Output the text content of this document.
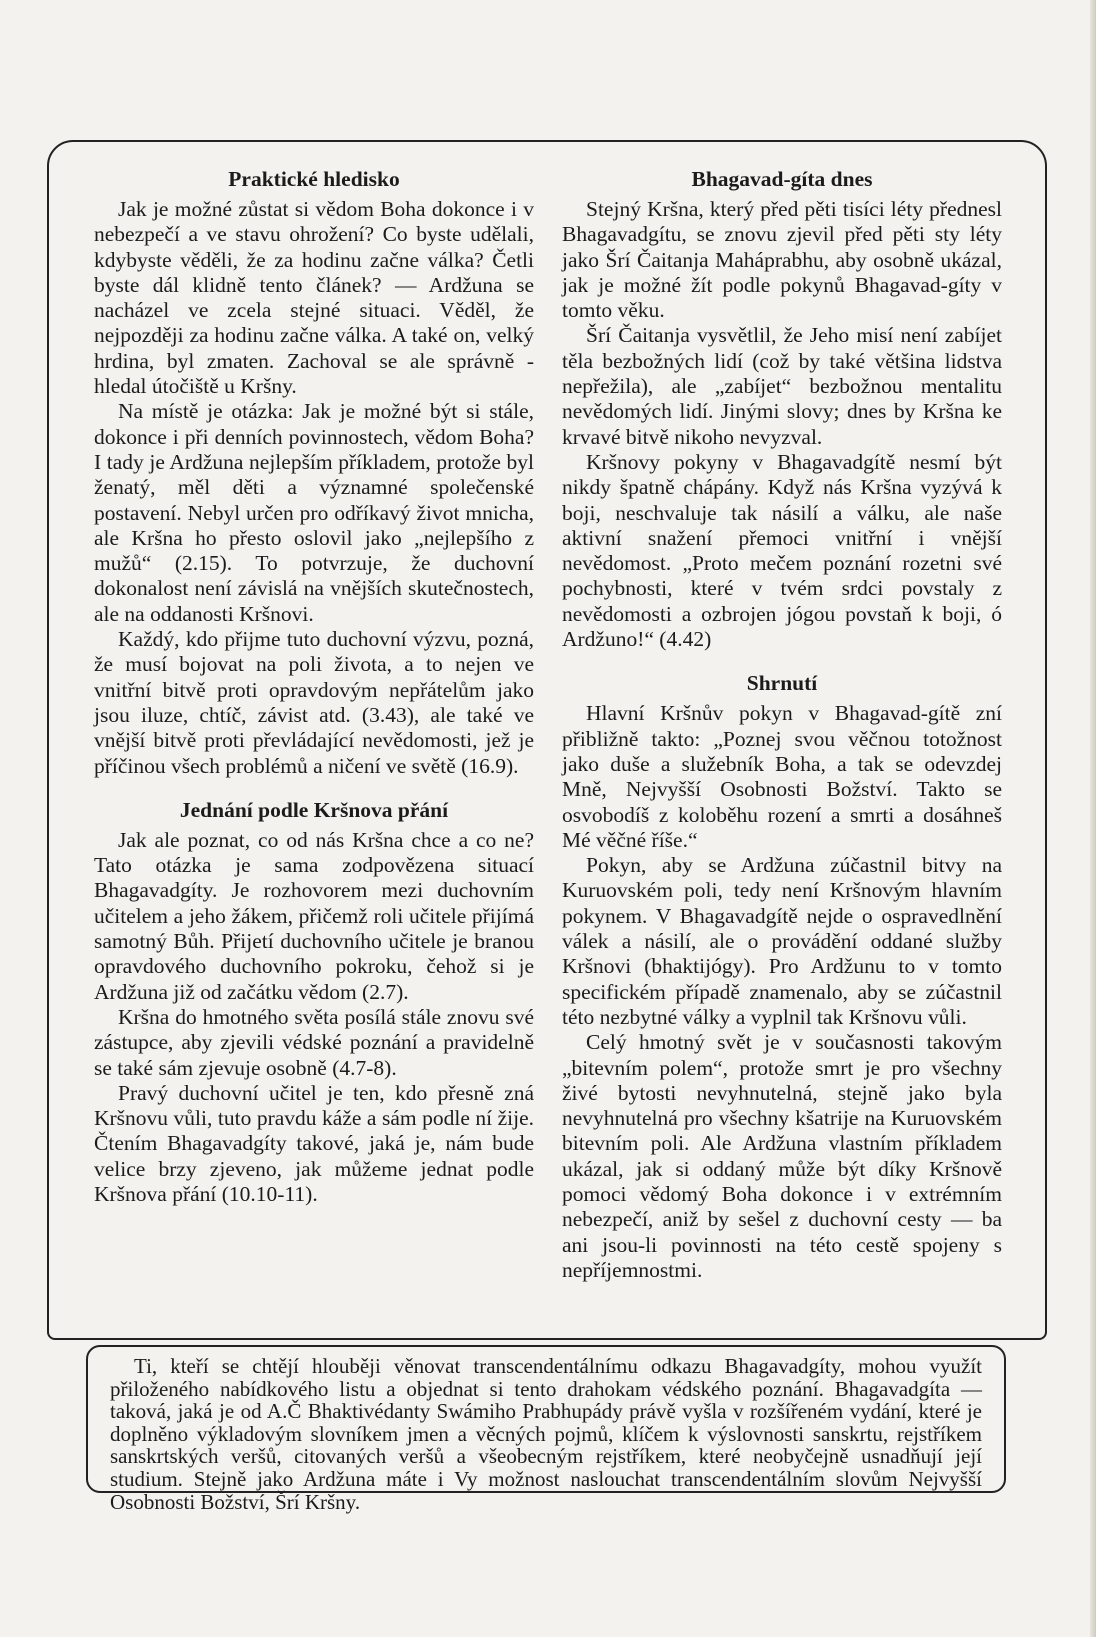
Praktické hledisko

Jak je možné zůstat si vědom Boha dokonce i v nebezpečí a ve stavu ohrožení? Co byste udělali, kdybyste věděli, že za hodinu začne válka? Četli byste dál klidně tento článek? — Ardžuna se nacházel ve zcela stejné situaci. Věděl, že nejpozději za hodinu začne válka. A také on, velký hrdina, byl zmaten. Zachoval se ale správně - hledal útočiště u Kršny.

Na místě je otázka: Jak je možné být si stále, dokonce i při denních povinnostech, vědom Boha? I tady je Ardžuna nejlepším příkladem, protože byl ženatý, měl děti a významné společenské postavení. Nebyl určen pro odříkavý život mnicha, ale Kršna ho přesto oslovil jako „nejlepšího z mužů“ (2.15). To potvrzuje, že duchovní dokonalost není závislá na vnějších skutečnostech, ale na oddanosti Kršnovi.

Každý, kdo přijme tuto duchovní výzvu, pozná, že musí bojovat na poli života, a to nejen ve vnitřní bitvě proti opravdovým nepřátelům jako jsou iluze, chtíč, závist atd. (3.43), ale také ve vnější bitvě proti převládající nevědomosti, jež je příčinou všech problémů a ničení ve světě (16.9).

Jednání podle Kršnova přání

Jak ale poznat, co od nás Kršna chce a co ne? Tato otázka je sama zodpovězena situací Bhagavadgíty. Je rozhovorem mezi duchovním učitelem a jeho žákem, přičemž roli učitele přijímá samotný Bůh. Přijetí duchovního učitele je branou opravdového duchovního pokroku, čehož si je Ardžuna již od začátku vědom (2.7).

Kršna do hmotného světa posílá stále znovu své zástupce, aby zjevili védské poznání a pravidelně se také sám zjevuje osobně (4.7-8).

Pravý duchovní učitel je ten, kdo přesně zná Kršnovu vůli, tuto pravdu káže a sám podle ní žije. Čtením Bhagavadgíty takové, jaká je, nám bude velice brzy zjeveno, jak můžeme jednat podle Kršnova přání (10.10-11).

Bhagavad-gíta dnes

Stejný Kršna, který před pěti tisíci léty přednesl Bhagavadgítu, se znovu zjevil před pěti sty léty jako Šrí Čaitanja Maháprabhu, aby osobně ukázal, jak je možné žít podle pokynů Bhagavad-gíty v tomto věku.

Šrí Čaitanja vysvětlil, že Jeho misí není zabíjet těla bezbožných lidí (což by také většina lidstva nepřežila), ale „zabíjet“ bezbožnou mentalitu nevědomých lidí. Jinými slovy; dnes by Kršna ke krvavé bitvě nikoho nevyzval.

Kršnovy pokyny v Bhagavadgítě nesmí být nikdy špatně chápány. Když nás Kršna vyzývá k boji, neschvaluje tak násilí a válku, ale naše aktivní snažení přemoci vnitřní i vnější nevědomost. „Proto mečem poznání rozetni své pochybnosti, které v tvém srdci povstaly z nevědomosti a ozbrojen jógou povstaň k boji, ó Ardžuno!“ (4.42)

Shrnutí

Hlavní Kršnův pokyn v Bhagavad-gítě zní přibližně takto: „Poznej svou věčnou totožnost jako duše a služebník Boha, a tak se odevzdej Mně, Nejvyšší Osobnosti Božství. Takto se osvobodíš z koloběhu rození a smrti a dosáhneš Mé věčné říše.“

Pokyn, aby se Ardžuna zúčastnil bitvy na Kuruovském poli, tedy není Kršnovým hlavním pokynem. V Bhagavadgítě nejde o ospravedlnění válek a násilí, ale o provádění oddané služby Kršnovi (bhaktijógy). Pro Ardžunu to v tomto specifickém případě znamenalo, aby se zúčastnil této nezbytné války a vyplnil tak Kršnovu vůli.

Celý hmotný svět je v současnosti takovým „bitevním polem“, protože smrt je pro všechny živé bytosti nevyhnutelná, stejně jako byla nevyhnutelná pro všechny kšatrije na Kuruovském bitevním poli. Ale Ardžuna vlastním příkladem ukázal, jak si oddaný může být díky Kršnově pomoci vědomý Boha dokonce i v extrémním nebezpečí, aniž by sešel z duchovní cesty — ba ani jsou-li povinnosti na této cestě spojeny s nepříjemnostmi.

Ti, kteří se chtějí hlouběji věnovat transcendentálnímu odkazu Bhagavadgíty, mohou využít přiloženého nabídkového listu a objednat si tento drahokam védského poznání. Bhagavadgíta — taková, jaká je od A.Č Bhaktivédanty Swámiho Prabhupády právě vyšla v rozšířeném vydání, které je doplněno výkladovým slovníkem jmen a věcných pojmů, klíčem k výslovnosti sanskrtu, rejstříkem sanskrtských veršů, citovaných veršů a všeobecným rejstříkem, které neobyčejně usnadňují její studium. Stejně jako Ardžuna máte i Vy možnost naslouchat transcendentálním slovům Nejvyšší Osobnosti Božství, Šrí Kršny.
